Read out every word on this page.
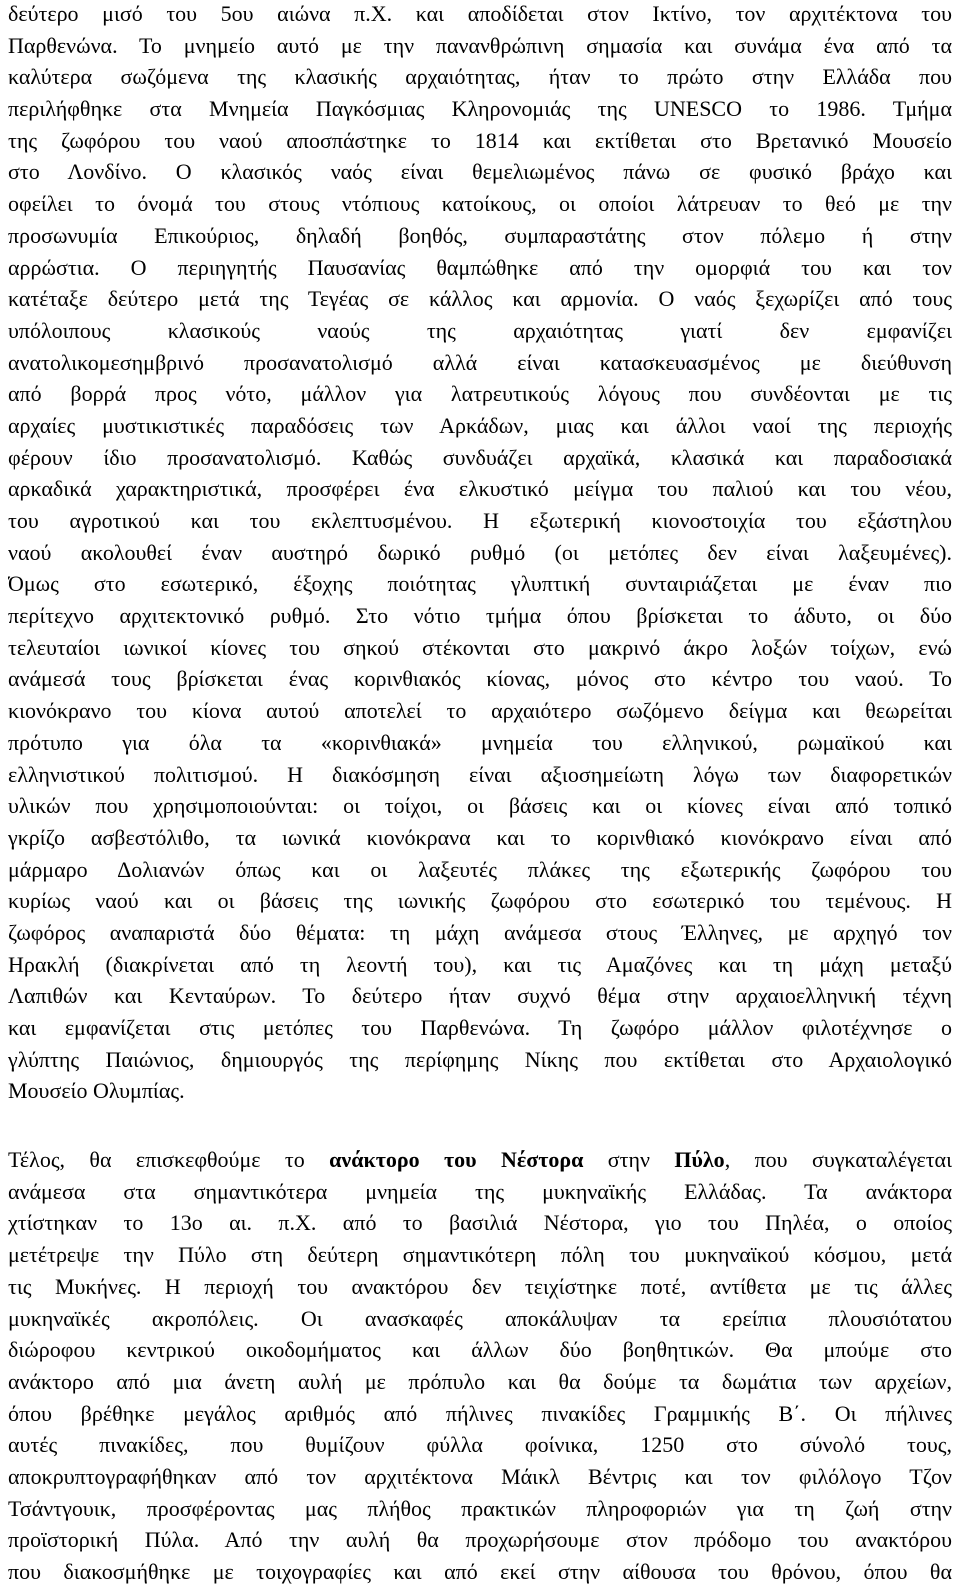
δεύτερο μισό του 5ου αιώνα π.Χ. και αποδίδεται στον Ικτίνο, τον αρχιτέκτονα του
Παρθενώνα. Το μνημείο αυτό με την πανανθρώπινη σημασία και συνάμα ένα από τα
καλύτερα σωζόμενα της κλασικής αρχαιότητας, ήταν το πρώτο στην Ελλάδα που
περιλήφθηκε στα Μνημεία Παγκόσμιας Κληρονομιάς της UNESCO το 1986. Τμήμα
της ζωφόρου του ναού αποσπάστηκε το 1814 και εκτίθεται στο Βρετανικό Μουσείο
στο Λονδίνο. Ο κλασικός ναός είναι θεμελιωμένος πάνω σε φυσικό βράχο και
οφείλει το όνομά του στους ντόπιους κατοίκους, οι οποίοι λάτρευαν το θεό με την
προσωνυμία Επικούριος, δηλαδή βοηθός, συμπαραστάτης στον πόλεμο ή στην
αρρώστια. Ο περιηγητής Παυσανίας θαμπώθηκε από την ομορφιά του και τον
κατέταξε δεύτερο μετά της Τεγέας σε κάλλος και αρμονία. Ο ναός ξεχωρίζει από τους
υπόλοιπους κλασικούς ναούς της αρχαιότητας γιατί δεν εμφανίζει
ανατολικομεσημβρινό προσανατολισμό αλλά είναι κατασκευασμένος με διεύθυνση
από βορρά προς νότο, μάλλον για λατρευτικούς λόγους που συνδέονται με τις
αρχαίες μυστικιστικές παραδόσεις των Αρκάδων, μιας και άλλοι ναοί της περιοχής
φέρουν ίδιο προσανατολισμό. Καθώς συνδυάζει αρχαϊκά, κλασικά και παραδοσιακά
αρκαδικά χαρακτηριστικά, προσφέρει ένα ελκυστικό μείγμα του παλιού και του νέου,
του αγροτικού και του εκλεπτυσμένου. Η εξωτερική κιονοστοιχία του εξάστηλου
ναού ακολουθεί έναν αυστηρό δωρικό ρυθμό (οι μετόπες δεν είναι λαξευμένες).
Όμως στο εσωτερικό, έξοχης ποιότητας γλυπτική συνταιριάζεται με έναν πιο
περίτεχνο αρχιτεκτονικό ρυθμό. Στο νότιο τμήμα όπου βρίσκεται το άδυτο, οι δύο
τελευταίοι ιωνικοί κίονες του σηκού στέκονται στο μακρινό άκρο λοξών τοίχων, ενώ
ανάμεσά τους βρίσκεται ένας κορινθιακός κίονας, μόνος στο κέντρο του ναού. Το
κιονόκρανο του κίονα αυτού αποτελεί το αρχαιότερο σωζόμενο δείγμα και θεωρείται
πρότυπο για όλα τα «κορινθιακά» μνημεία του ελληνικού, ρωμαϊκού και
ελληνιστικού πολιτισμού. Η διακόσμηση είναι αξιοσημείωτη λόγω των διαφορετικών
υλικών που χρησιμοποιούνται: οι τοίχοι, οι βάσεις και οι κίονες είναι από τοπικό
γκρίζο ασβεστόλιθο, τα ιωνικά κιονόκρανα και το κορινθιακό κιονόκρανο είναι από
μάρμαρο Δολιανών όπως και οι λαξευτές πλάκες της εξωτερικής ζωφόρου του
κυρίως ναού και οι βάσεις της ιωνικής ζωφόρου στο εσωτερικό του τεμένους. Η
ζωφόρος αναπαριστά δύο θέματα: τη μάχη ανάμεσα στους Έλληνες, με αρχηγό τον
Ηρακλή (διακρίνεται από τη λεοντή του), και τις Αμαζόνες και τη μάχη μεταξύ
Λαπιθών και Κενταύρων. Το δεύτερο ήταν συχνό θέμα στην αρχαιοελληνική τέχνη
και εμφανίζεται στις μετόπες του Παρθενώνα. Τη ζωφόρο μάλλον φιλοτέχνησε ο
γλύπτης Παιώνιος, δημιουργός της περίφημης Νίκης που εκτίθεται στο Αρχαιολογικό
Μουσείο Ολυμπίας.
Τέλος, θα επισκεφθούμε το ανάκτορο του Νέστορα στην Πύλο, που συγκαταλέγεται
ανάμεσα στα σημαντικότερα μνημεία της μυκηναϊκής Ελλάδας. Τα ανάκτορα
χτίστηκαν το 13ο αι. π.Χ. από το βασιλιά Νέστορα, γιο του Πηλέα, ο οποίος
μετέτρεψε την Πύλο στη δεύτερη σημαντικότερη πόλη του μυκηναϊκού κόσμου, μετά
τις Μυκήνες. Η περιοχή του ανακτόρου δεν τειχίστηκε ποτέ, αντίθετα με τις άλλες
μυκηναϊκές ακροπόλεις. Οι ανασκαφές αποκάλυψαν τα ερείπια πλουσιότατου
διώροφου κεντρικού οικοδομήματος και άλλων δύο βοηθητικών. Θα μπούμε στο
ανάκτορο από μια άνετη αυλή με πρόπυλο και θα δούμε τα δωμάτια των αρχείων,
όπου βρέθηκε μεγάλος αριθμός από πήλινες πινακίδες Γραμμικής Β΄. Οι πήλινες
αυτές πινακίδες, που θυμίζουν φύλλα φοίνικα, 1250 στο σύνολό τους,
αποκρυπτογραφήθηκαν από τον αρχιτέκτονα Μάικλ Βέντρις και τον φιλόλογο Τζον
Τσάντγουικ, προσφέροντας μας πλήθος πρακτικών πληροφοριών για τη ζωή στην
προϊστορική Πύλα. Από την αυλή θα προχωρήσουμε στον πρόδομο του ανακτόρου
που διακοσμήθηκε με τοιχογραφίες και από εκεί στην αίθουσα του θρόνου, όπου θα
